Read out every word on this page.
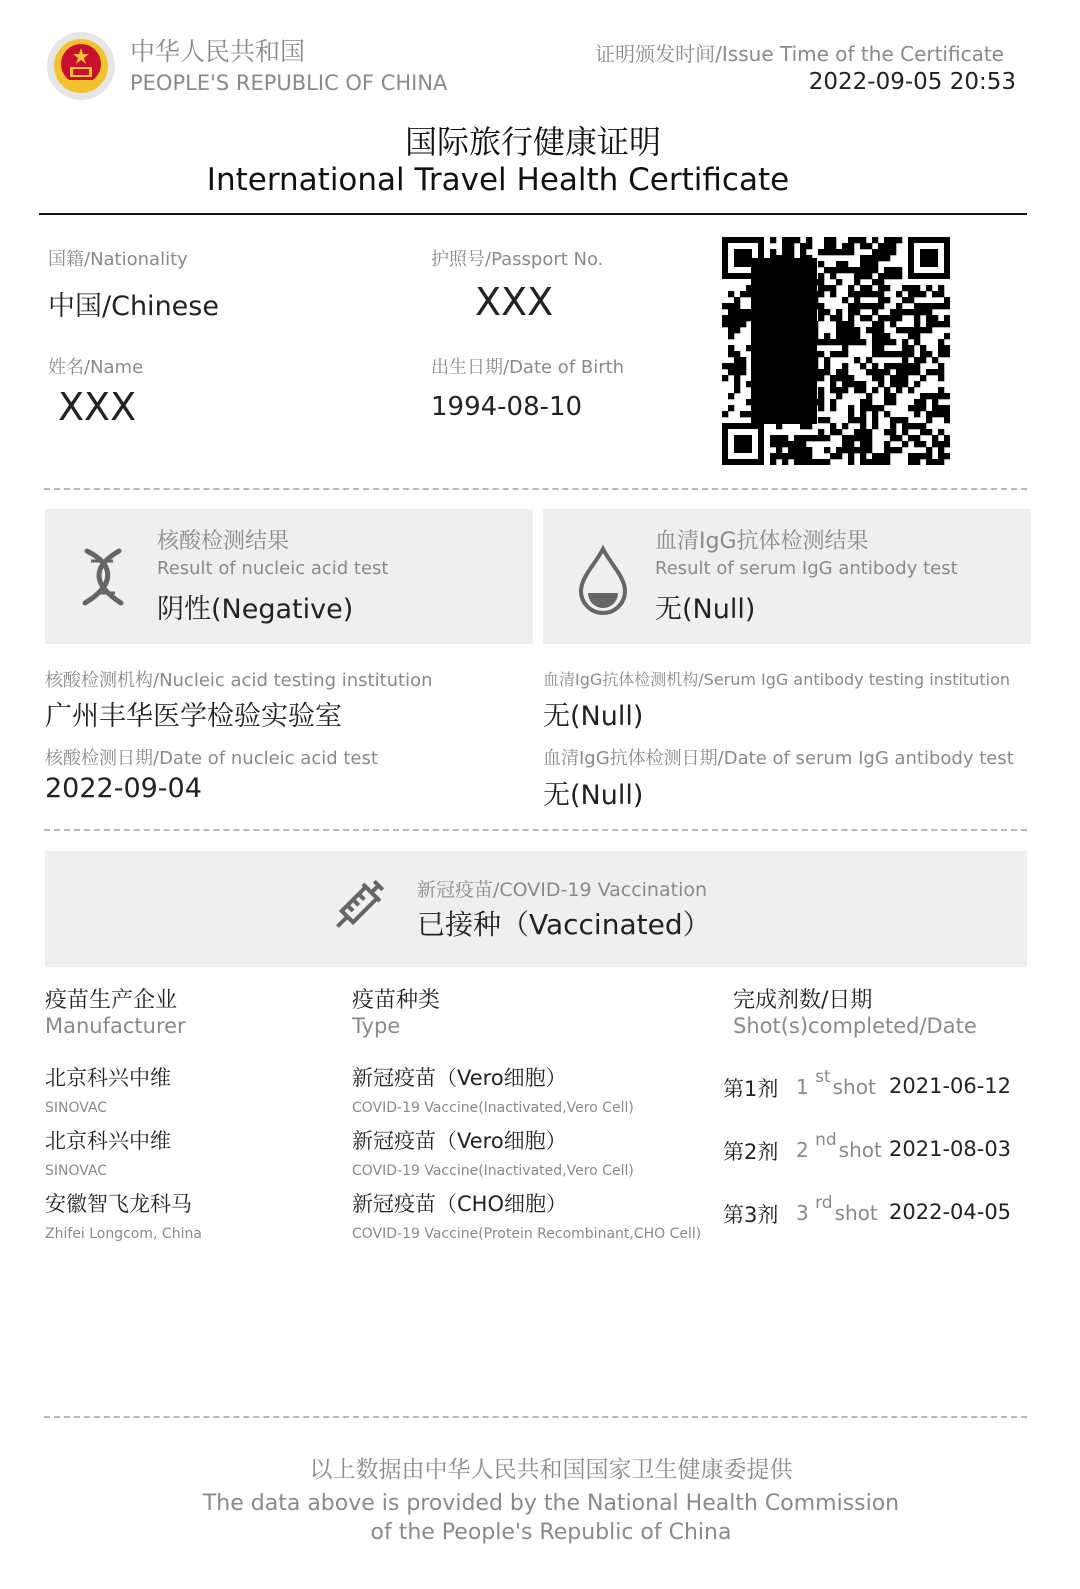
中华人民共和国
PEOPLE'S REPUBLIC OF CHINA
证明颁发时间/Issue Time of the Certificate
2022-09-05 20:53
国际旅行健康证明
International Travel Health Certificate
国籍/Nationality
中国/Chinese
护照号/Passport No.
XXX
姓名/Name
XXX
出生日期/Date of Birth
1994-08-10
核酸检测结果
Result of nucleic acid test
阴性(Negative)
血清IgG抗体检测结果
Result of serum IgG antibody test
无(Null)
核酸检测机构/Nucleic acid testing institution
广州丰华医学检验实验室
核酸检测日期/Date of nucleic acid test
2022-09-04
血清IgG抗体检测机构/Serum IgG antibody testing institution
无(Null)
血清IgG抗体检测日期/Date of serum IgG antibody test
无(Null)
新冠疫苗/COVID-19 Vaccination
已接种（Vaccinated）
疫苗生产企业
Manufacturer
疫苗种类
Type
完成剂数/日期
Shot(s)completed/Date
北京科兴中维
SINOVAC
新冠疫苗（Vero细胞）
COVID-19 Vaccine(Inactivated,Vero Cell)
第1剂 1 $^{st}$ shot 2021-06-12
北京科兴中维
SINOVAC
新冠疫苗（Vero细胞）
COVID-19 Vaccine(Inactivated,Vero Cell)
第2剂 2 $^{nd}$ shot 2021-08-03
安徽智飞龙科马
Zhifei Longcom, China
新冠疫苗（CHO细胞）
COVID-19 Vaccine(Protein Recombinant,CHO Cell)
第3剂 3 $^{rd}$ shot 2022-04-05
以上数据由中华人民共和国国家卫生健康委提供
The data above is provided by the National Health Commission
of the People's Republic of China
